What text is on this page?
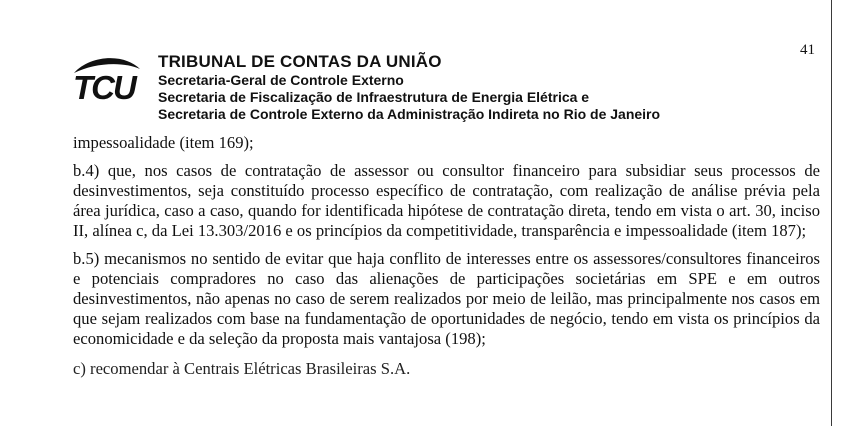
41
TCU
TRIBUNAL DE CONTAS DA UNIÃO
Secretaria-Geral de Controle Externo
Secretaria de Fiscalização de Infraestrutura de Energia Elétrica e
Secretaria de Controle Externo da Administração Indireta no Rio de Janeiro

impessoalidade (item 169);

b.4) que, nos casos de contratação de assessor ou consultor financeiro para subsidiar seus processos de desinvestimentos, seja constituído processo específico de contratação, com realização de análise prévia pela área jurídica, caso a caso, quando for identificada hipótese de contratação direta, tendo em vista o art. 30, inciso II, alínea c, da Lei 13.303/2016 e os princípios da competitividade, transparência e impessoalidade (item 187);

b.5) mecanismos no sentido de evitar que haja conflito de interesses entre os assessores/consultores financeiros e potenciais compradores no caso das alienações de participações societárias em SPE e em outros desinvestimentos, não apenas no caso de serem realizados por meio de leilão, mas principalmente nos casos em que sejam realizados com base na fundamentação de oportunidades de negócio, tendo em vista os princípios da economicidade e da seleção da proposta mais vantajosa (198);

c) recomendar à Centrais Elétricas Brasileiras S.A.
